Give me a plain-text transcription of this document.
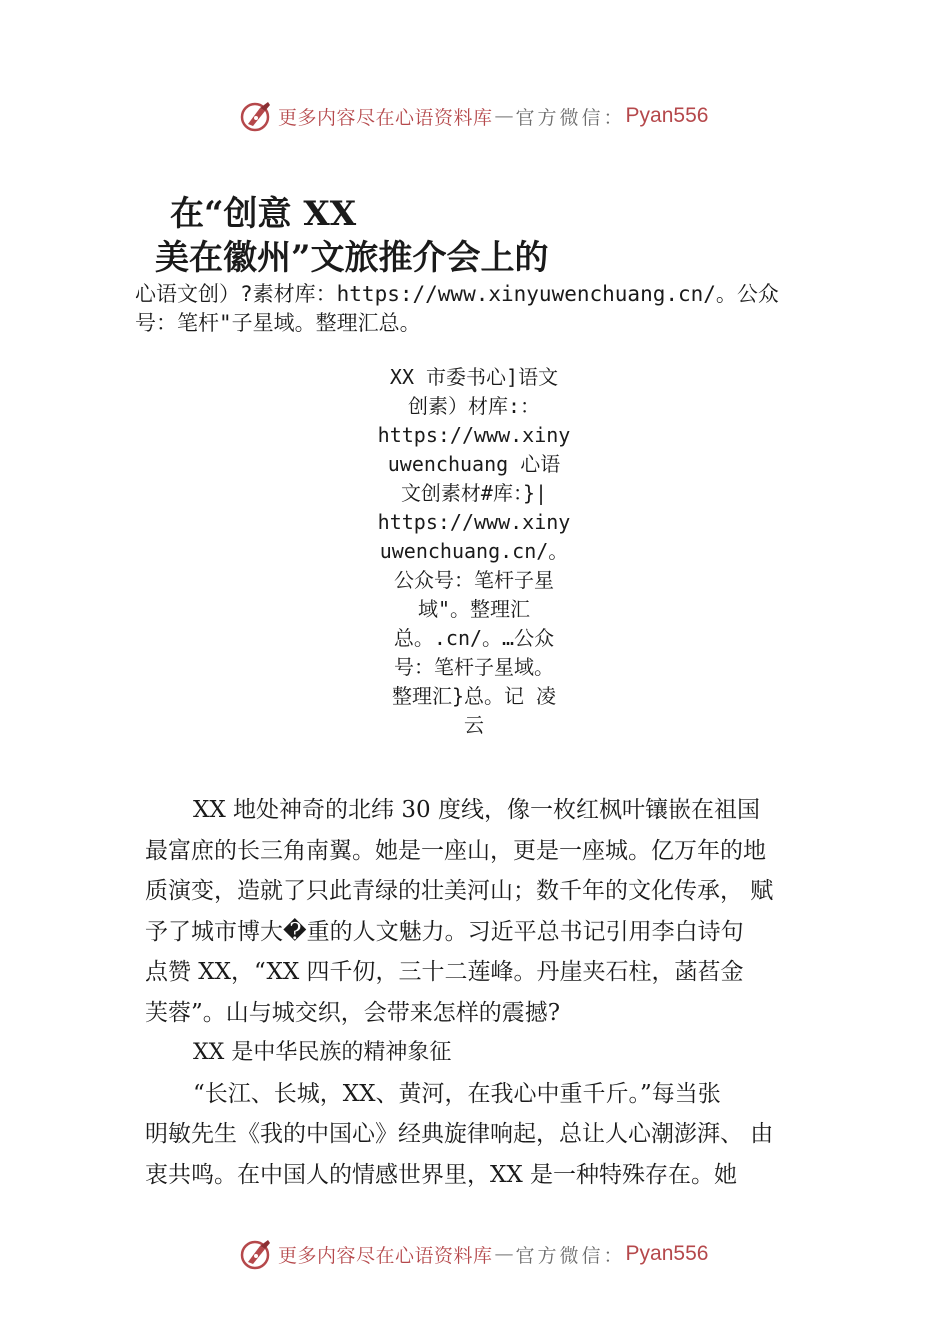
更多内容尽在心语资料库 — 官方微信： Pyan556
在“创意 XX
美在徽州”文旅推介会上的
心语文创）?素材库：https://www.xinyuwenchuang.cn/。公众
号：笔杆"子星域。整理汇总。
XX 市委书心]语文
创素）材库:：
https://www.xiny
uwenchuang 心语
文创素材#库：}|
https://www.xiny
uwenchuang.cn/。
公众号：笔杆子星
域"。整理汇
总。.cn/。…公众
号：笔杆子星域。
整理汇}总。记 凌
云
XX 地处神奇的北纬 30 度线，像一枚红枫叶镶嵌在祖国
最富庶的长三角南翼。她是一座山，更是一座城。亿万年的地
质演变，造就了只此青绿的壮美河山；数千年的文化传承， 赋
予了城市博大�重的人文魅力。习近平总书记引用李白诗句
点赞 XX，“XX 四千仞，三十二莲峰。丹崖夹石柱，菡萏金
芙蓉”。山与城交织，会带来怎样的震撼?
XX 是中华民族的精神象征
“长江、长城，XX、黄河，在我心中重千斤。”每当张
明敏先生《我的中国心》经典旋律响起，总让人心潮澎湃、 由
衷共鸣。在中国人的情感世界里，XX 是一种特殊存在。她
更多内容尽在心语资料库 — 官方微信： Pyan556
